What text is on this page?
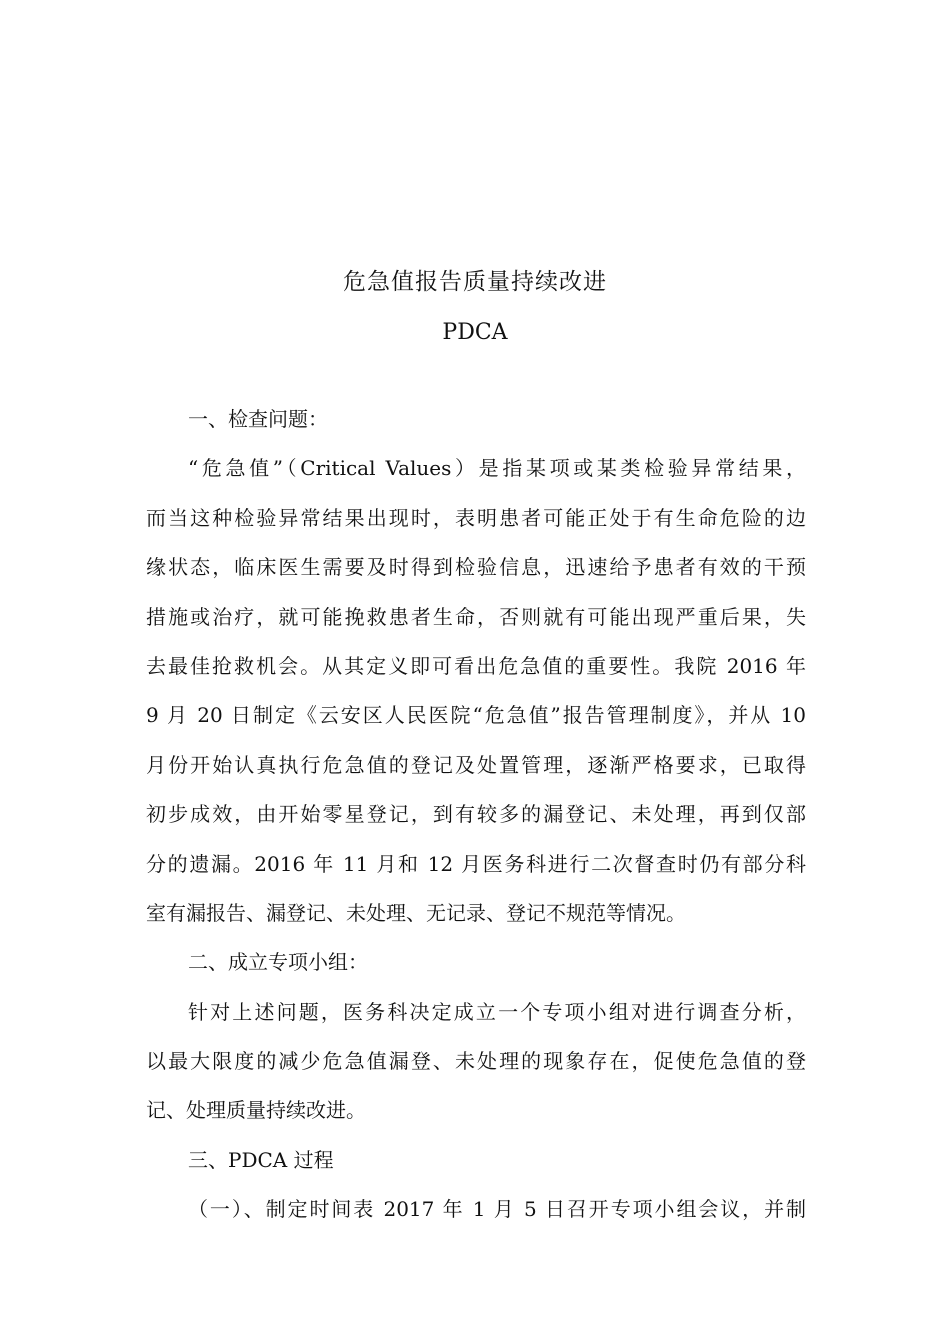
危急值报告质量持续改进
PDCA
一、检查问题：
“危急值”（Critical Values）是指某项或某类检验异常结果，
而当这种检验异常结果出现时，表明患者可能正处于有生命危险的边
缘状态，临床医生需要及时得到检验信息，迅速给予患者有效的干预
措施或治疗，就可能挽救患者生命，否则就有可能出现严重后果，失
去最佳抢救机会。从其定义即可看出危急值的重要性。我院 2016 年
9 月 20 日制定《云安区人民医院“危急值”报告管理制度》，并从 10
月份开始认真执行危急值的登记及处置管理，逐渐严格要求，已取得
初步成效，由开始零星登记，到有较多的漏登记、未处理，再到仅部
分的遗漏。2016 年 11 月和 12 月医务科进行二次督查时仍有部分科
室有漏报告、漏登记、未处理、无记录、登记不规范等情况。
二、成立专项小组：
针对上述问题，医务科决定成立一个专项小组对进行调查分析，
以最大限度的减少危急值漏登、未处理的现象存在，促使危急值的登
记、处理质量持续改进。
三、PDCA 过程
（一）、制定时间表 2017 年 1 月 5 日召开专项小组会议，并制
